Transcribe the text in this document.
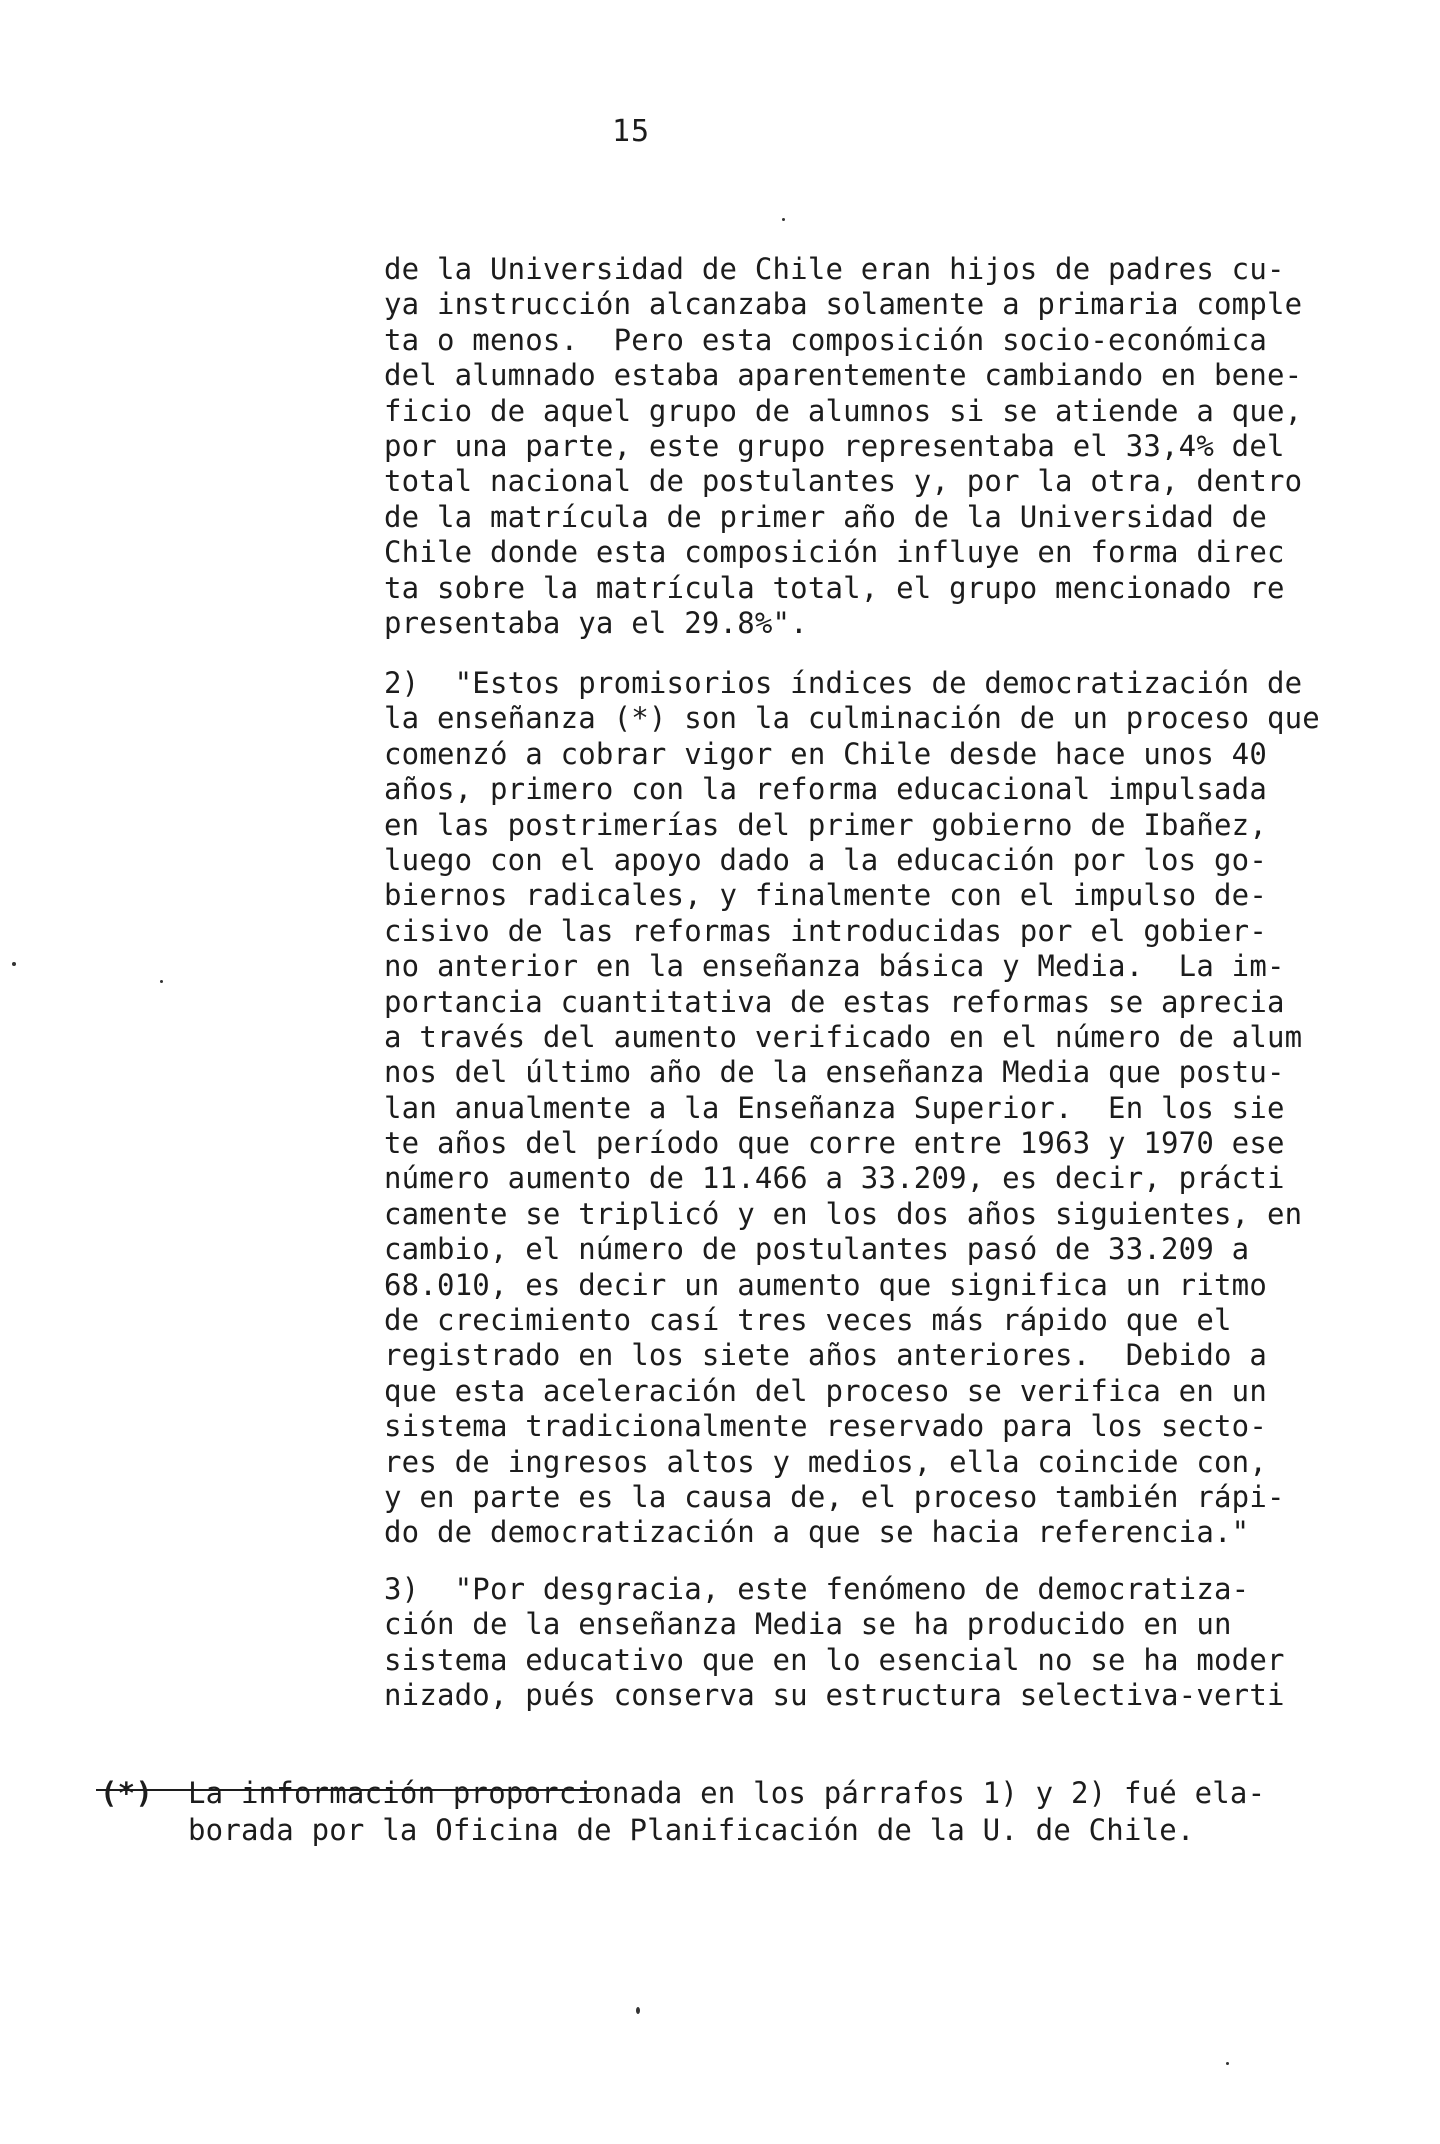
15
de la Universidad de Chile eran hijos de padres cu-
ya instrucción alcanzaba solamente a primaria comple
ta o menos.  Pero esta composición socio-económica
del alumnado estaba aparentemente cambiando en bene-
ficio de aquel grupo de alumnos si se atiende a que,
por una parte, este grupo representaba el 33,4% del
total nacional de postulantes y, por la otra, dentro
de la matrícula de primer año de la Universidad de
Chile donde esta composición influye en forma direc
ta sobre la matrícula total, el grupo mencionado re
presentaba ya el 29.8%".
2)  "Estos promisorios índices de democratización de
la enseñanza (*) son la culminación de un proceso que
comenzó a cobrar vigor en Chile desde hace unos 40
años, primero con la reforma educacional impulsada
en las postrimerías del primer gobierno de Ibañez,
luego con el apoyo dado a la educación por los go-
biernos radicales, y finalmente con el impulso de-
cisivo de las reformas introducidas por el gobier-
no anterior en la enseñanza básica y Media.  La im-
portancia cuantitativa de estas reformas se aprecia
a través del aumento verificado en el número de alum
nos del último año de la enseñanza Media que postu-
lan anualmente a la Enseñanza Superior.  En los sie
te años del período que corre entre 1963 y 1970 ese
número aumento de 11.466 a 33.209, es decir, prácti
camente se triplicó y en los dos años siguientes, en
cambio, el número de postulantes pasó de 33.209 a
68.010, es decir un aumento que significa un ritmo
de crecimiento casí tres veces más rápido que el
registrado en los siete años anteriores.  Debido a
que esta aceleración del proceso se verifica en un
sistema tradicionalmente reservado para los secto-
res de ingresos altos y medios, ella coincide con,
y en parte es la causa de, el proceso también rápi-
do de democratización a que se hacia referencia."
3)  "Por desgracia, este fenómeno de democratiza-
ción de la enseñanza Media se ha producido en un
sistema educativo que en lo esencial no se ha moder
nizado, pués conserva su estructura selectiva-verti
(*) La información proporcionada en los párrafos 1) y 2) fué ela-
borada por la Oficina de Planificación de la U. de Chile.
